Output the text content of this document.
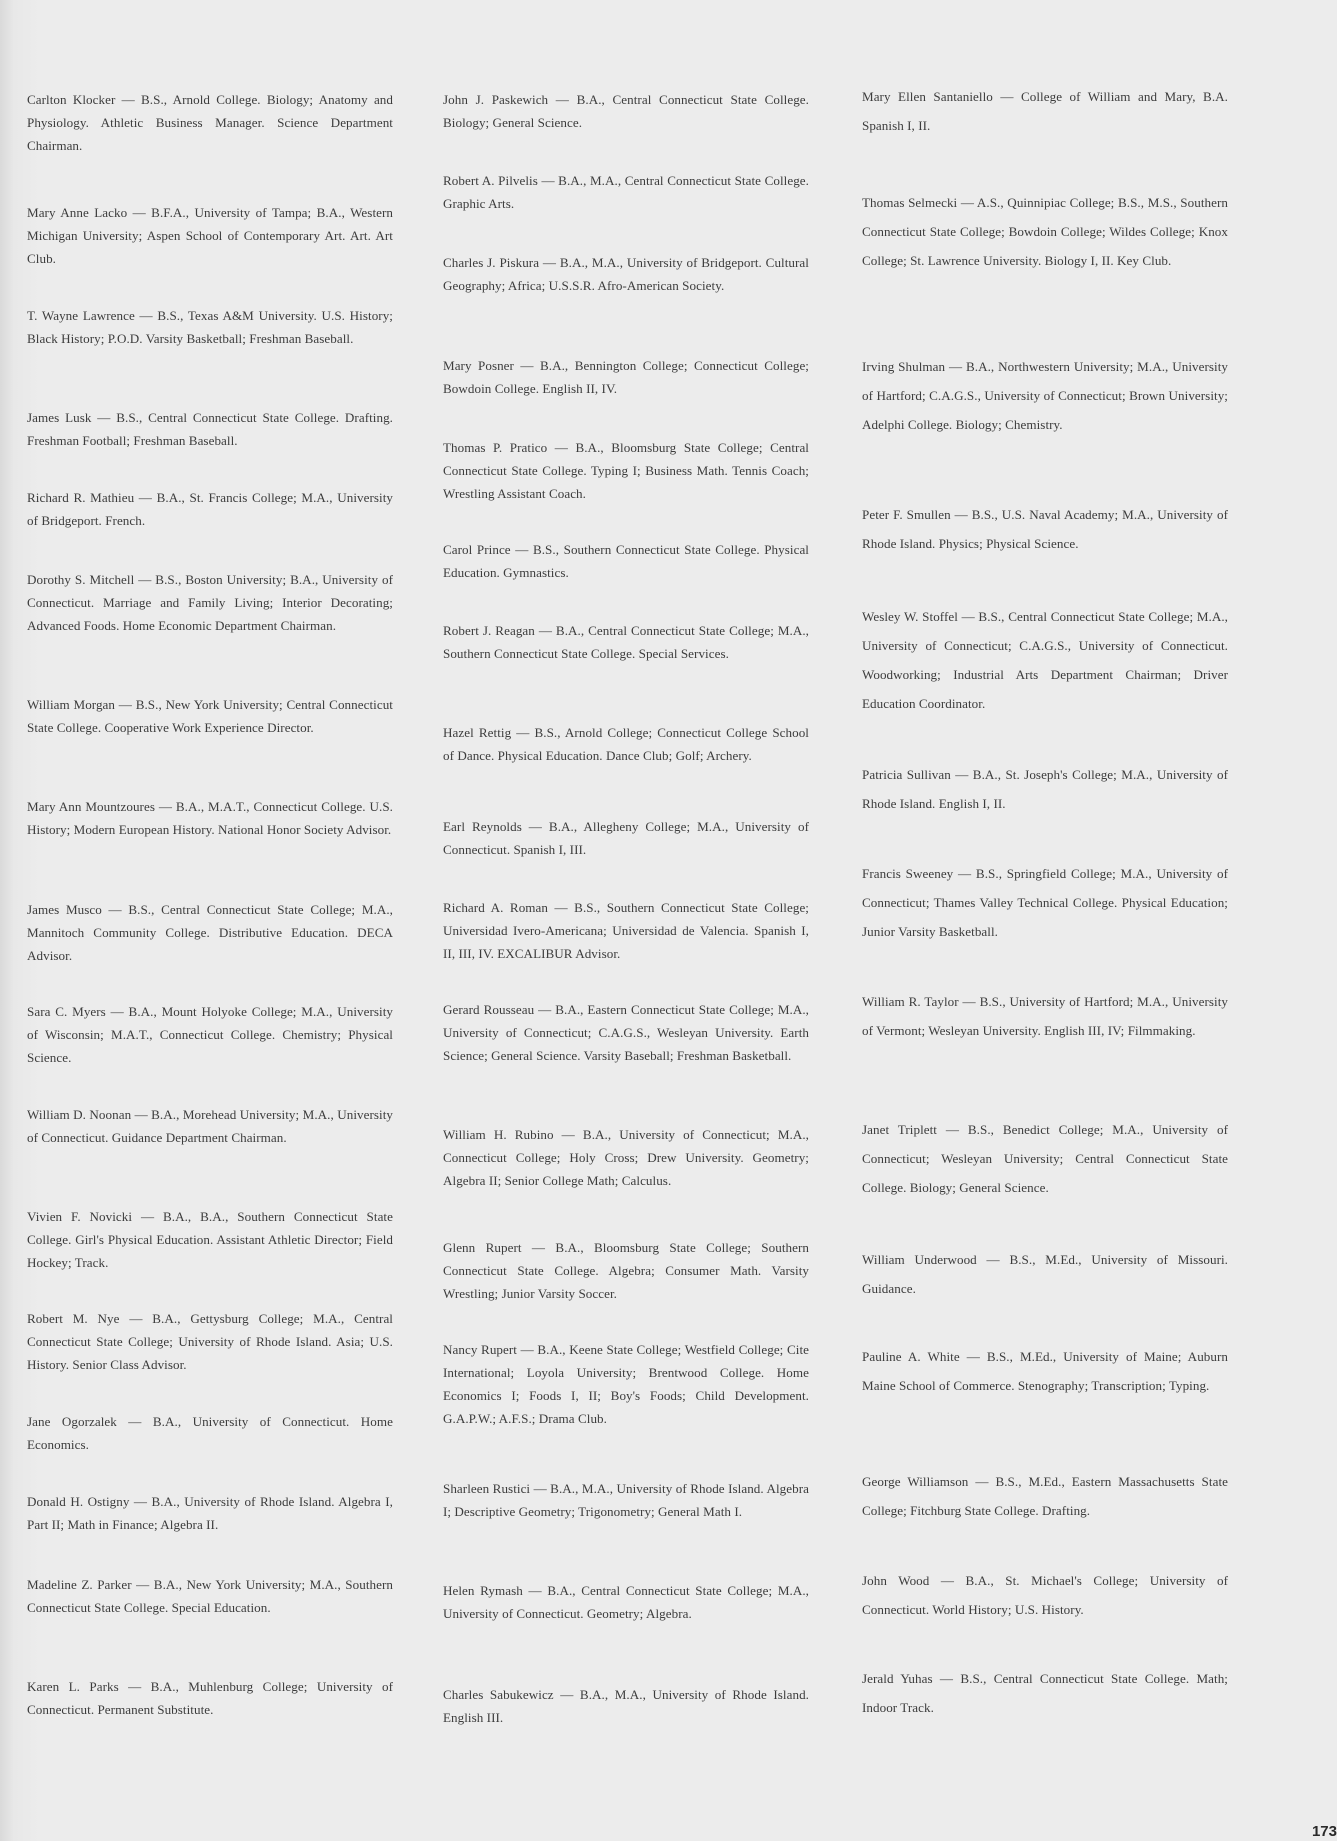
Carlton Klocker — B.S., Arnold College. Biology; Anatomy and Physiology. Athletic Business Manager. Science Department Chairman.
Mary Anne Lacko — B.F.A., University of Tampa; B.A., Western Michigan University; Aspen School of Contemporary Art. Art. Art Club.
T. Wayne Lawrence — B.S., Texas A&M University. U.S. History; Black History; P.O.D. Varsity Basketball; Freshman Baseball.
James Lusk — B.S., Central Connecticut State College. Drafting. Freshman Football; Freshman Baseball.
Richard R. Mathieu — B.A., St. Francis College; M.A., University of Bridgeport. French.
Dorothy S. Mitchell — B.S., Boston University; B.A., University of Connecticut. Marriage and Family Living; Interior Decorating; Advanced Foods. Home Economic Department Chairman.
William Morgan — B.S., New York University; Central Connecticut State College. Cooperative Work Experience Director.
Mary Ann Mountzoures — B.A., M.A.T., Connecticut College. U.S. History; Modern European History. National Honor Society Advisor.
James Musco — B.S., Central Connecticut State College; M.A., Mannitoch Community College. Distributive Education. DECA Advisor.
Sara C. Myers — B.A., Mount Holyoke College; M.A., University of Wisconsin; M.A.T., Connecticut College. Chemistry; Physical Science.
William D. Noonan — B.A., Morehead University; M.A., University of Connecticut. Guidance Department Chairman.
Vivien F. Novicki — B.A., B.A., Southern Connecticut State College. Girl's Physical Education. Assistant Athletic Director; Field Hockey; Track.
Robert M. Nye — B.A., Gettysburg College; M.A., Central Connecticut State College; University of Rhode Island. Asia; U.S. History. Senior Class Advisor.
Jane Ogorzalek — B.A., University of Connecticut. Home Economics.
Donald H. Ostigny — B.A., University of Rhode Island. Algebra I, Part II; Math in Finance; Algebra II.
Madeline Z. Parker — B.A., New York University; M.A., Southern Connecticut State College. Special Education.
Karen L. Parks — B.A., Muhlenburg College; University of Connecticut. Permanent Substitute.
John J. Paskewich — B.A., Central Connecticut State College. Biology; General Science.
Robert A. Pilvelis — B.A., M.A., Central Connecticut State College. Graphic Arts.
Charles J. Piskura — B.A., M.A., University of Bridgeport. Cultural Geography; Africa; U.S.S.R. Afro-American Society.
Mary Posner — B.A., Bennington College; Connecticut College; Bowdoin College. English II, IV.
Thomas P. Pratico — B.A., Bloomsburg State College; Central Connecticut State College. Typing I; Business Math. Tennis Coach; Wrestling Assistant Coach.
Carol Prince — B.S., Southern Connecticut State College. Physical Education. Gymnastics.
Robert J. Reagan — B.A., Central Connecticut State College; M.A., Southern Connecticut State College. Special Services.
Hazel Rettig — B.S., Arnold College; Connecticut College School of Dance. Physical Education. Dance Club; Golf; Archery.
Earl Reynolds — B.A., Allegheny College; M.A., University of Connecticut. Spanish I, III.
Richard A. Roman — B.S., Southern Connecticut State College; Universidad Ivero-Americana; Universidad de Valencia. Spanish I, II, III, IV. EXCALIBUR Advisor.
Gerard Rousseau — B.A., Eastern Connecticut State College; M.A., University of Connecticut; C.A.G.S., Wesleyan University. Earth Science; General Science. Varsity Baseball; Freshman Basketball.
William H. Rubino — B.A., University of Connecticut; M.A., Connecticut College; Holy Cross; Drew University. Geometry; Algebra II; Senior College Math; Calculus.
Glenn Rupert — B.A., Bloomsburg State College; Southern Connecticut State College. Algebra; Consumer Math. Varsity Wrestling; Junior Varsity Soccer.
Nancy Rupert — B.A., Keene State College; Westfield College; Cite International; Loyola University; Brentwood College. Home Economics I; Foods I, II; Boy's Foods; Child Development. G.A.P.W.; A.F.S.; Drama Club.
Sharleen Rustici — B.A., M.A., University of Rhode Island. Algebra I; Descriptive Geometry; Trigonometry; General Math I.
Helen Rymash — B.A., Central Connecticut State College; M.A., University of Connecticut. Geometry; Algebra.
Charles Sabukewicz — B.A., M.A., University of Rhode Island. English III.
Mary Ellen Santaniello — College of William and Mary, B.A. Spanish I, II.
Thomas Selmecki — A.S., Quinnipiac College; B.S., M.S., Southern Connecticut State College; Bowdoin College; Wildes College; Knox College; St. Lawrence University. Biology I, II. Key Club.
Irving Shulman — B.A., Northwestern University; M.A., University of Hartford; C.A.G.S., University of Connecticut; Brown University; Adelphi College. Biology; Chemistry.
Peter F. Smullen — B.S., U.S. Naval Academy; M.A., University of Rhode Island. Physics; Physical Science.
Wesley W. Stoffel — B.S., Central Connecticut State College; M.A., University of Connecticut; C.A.G.S., University of Connecticut. Woodworking; Industrial Arts Department Chairman; Driver Education Coordinator.
Patricia Sullivan — B.A., St. Joseph's College; M.A., University of Rhode Island. English I, II.
Francis Sweeney — B.S., Springfield College; M.A., University of Connecticut; Thames Valley Technical College. Physical Education; Junior Varsity Basketball.
William R. Taylor — B.S., University of Hartford; M.A., University of Vermont; Wesleyan University. English III, IV; Filmmaking.
Janet Triplett — B.S., Benedict College; M.A., University of Connecticut; Wesleyan University; Central Connecticut State College. Biology; General Science.
William Underwood — B.S., M.Ed., University of Missouri. Guidance.
Pauline A. White — B.S., M.Ed., University of Maine; Auburn Maine School of Commerce. Stenography; Transcription; Typing.
George Williamson — B.S., M.Ed., Eastern Massachusetts State College; Fitchburg State College. Drafting.
John Wood — B.A., St. Michael's College; University of Connecticut. World History; U.S. History.
Jerald Yuhas — B.S., Central Connecticut State College. Math; Indoor Track.
173
